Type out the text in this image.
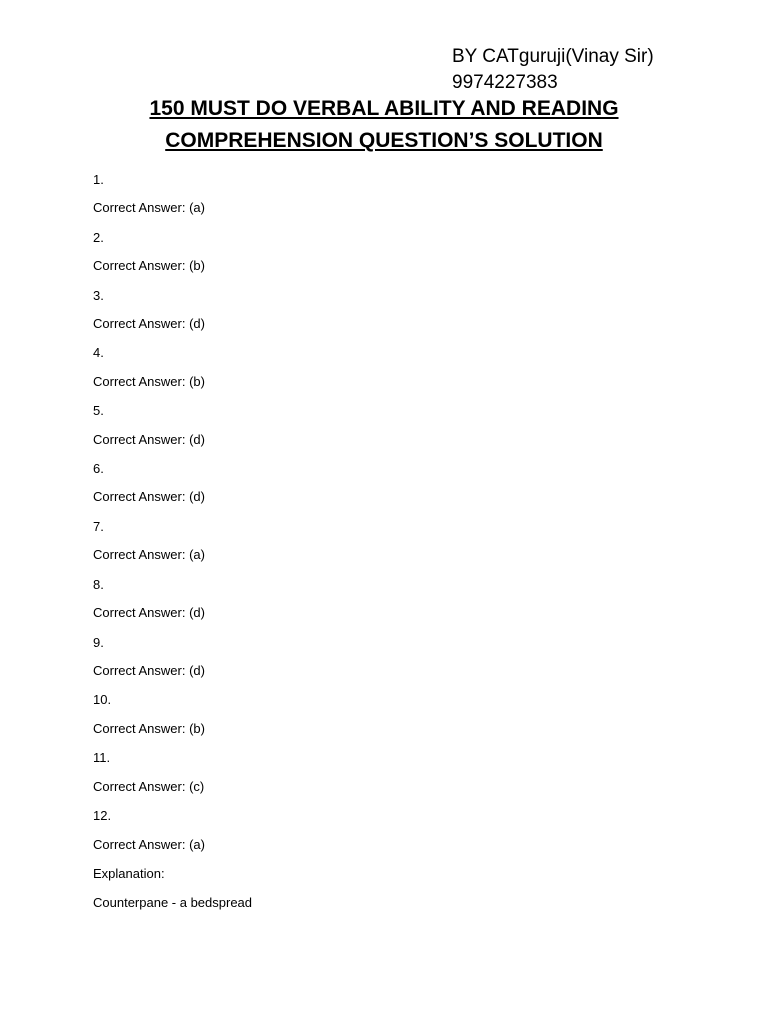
BY CATguruji(Vinay Sir)
9974227383
150 MUST DO VERBAL ABILITY AND READING
COMPREHENSION QUESTION’S SOLUTION
1.
Correct Answer: (a)
2.
Correct Answer: (b)
3.
Correct Answer: (d)
4.
Correct Answer: (b)
5.
Correct Answer: (d)
6.
Correct Answer: (d)
7.
Correct Answer: (a)
8.
Correct Answer: (d)
9.
Correct Answer: (d)
10.
Correct Answer: (b)
11.
Correct Answer: (c)
12.
Correct Answer: (a)
Explanation:
Counterpane - a bedspread
